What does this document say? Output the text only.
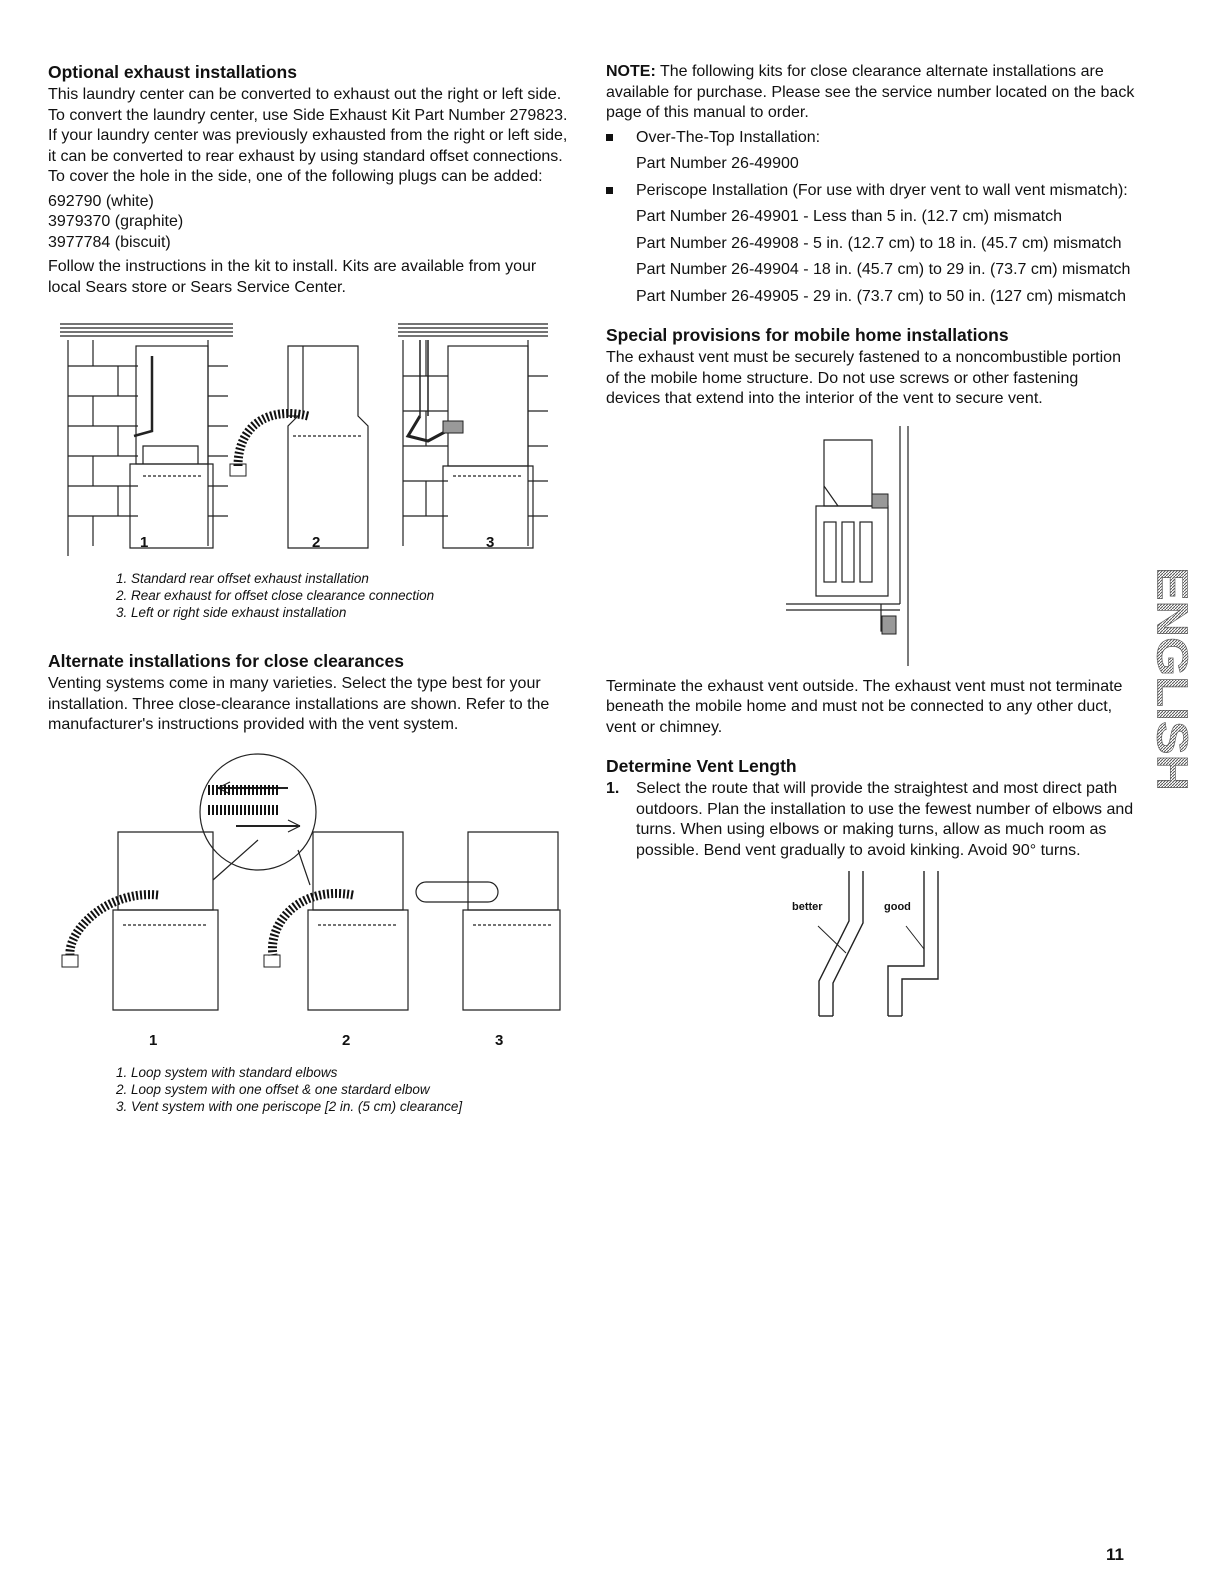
Optional exhaust installations

This laundry center can be converted to exhaust out the right or left side. To convert the laundry center, use Side Exhaust Kit Part Number 279823. If your laundry center was previously exhausted from the right or left side, it can be converted to rear exhaust by using standard offset connections. To cover the hole in the side, one of the following plugs can be added:

692790 (white)
3979370 (graphite)
3977784 (biscuit)

Follow the instructions in the kit to install. Kits are available from your local Sears store or Sears Service Center.

1	2	3

1. Standard rear offset exhaust installation

2. Rear exhaust for offset close clearance connection

3. Left or right side exhaust installation

Alternate installations for close clearances

Venting systems come in many varieties. Select the type best for your installation. Three close-clearance installations are shown. Refer to the manufacturer's instructions provided with the vent system.

1	2	3

1. Loop system with standard elbows

2. Loop system with one offset & one stardard elbow

3. Vent system with one periscope [2 in. (5 cm) clearance]

NOTE: The following kits for close clearance alternate installations are available for purchase. Please see the service number located on the back page of this manual to order.

Over-The-Top Installation:

Part Number 26-49900

Periscope Installation (For use with dryer vent to wall vent mismatch):

Part Number 26-49901 - Less than 5 in. (12.7 cm) mismatch

Part Number 26-49908 - 5 in. (12.7 cm) to 18 in. (45.7 cm) mismatch

Part Number 26-49904 - 18 in. (45.7 cm) to 29 in. (73.7 cm) mismatch

Part Number 26-49905 - 29 in. (73.7 cm) to 50 in. (127 cm) mismatch

Special provisions for mobile home installations

The exhaust vent must be securely fastened to a noncombustible portion of the mobile home structure. Do not use screws or other fastening devices that extend into the interior of the vent to secure vent.

Terminate the exhaust vent outside. The exhaust vent must not terminate beneath the mobile home and must not be connected to any other duct, vent or chimney.

Determine Vent Length
1. Select the route that will provide the straightest and most direct path outdoors. Plan the installation to use the fewest number of elbows and turns. When using elbows or making turns, allow as much room as possible. Bend vent gradually to avoid kinking. Avoid 90° turns.
better	good
ENGLISH
11
